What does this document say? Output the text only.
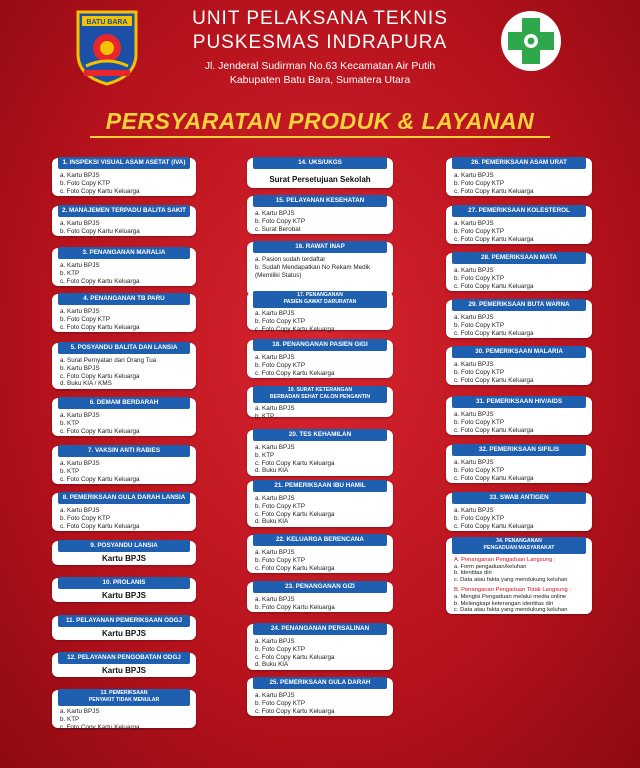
BATU BARA	UNIT PELAKSANA TEKNIS
PUSKESMAS INDRAPURA
Jl. Jenderal Sudirman No.63 Kecamatan Air Putih
Kabupaten Batu Bara, Sumatera Utara
PERSYARATAN PRODUK & LAYANAN
1. INSPEKSI VISUAL ASAM ASETAT (IVA)
a. Kartu BPJS
b. Foto Copy KTP
c. Foto Copy Kartu Keluarga
2. MANAJEMEN TERPADU BALITA SAKIT
a. Kartu BPJS
b. Foto Copy Kartu Keluarga
3. PENANGANAN MARALIA
a. Kartu BPJS
b. KTP
c. Foto Copy Kartu Keluarga
4. PENANGANAN TB PARU
a. Kartu BPJS
b. Foto Copy KTP
c. Foto Copy Kartu Keluarga
5. POSYANDU BALITA DAN LANSIA
a. Surat Pernyatan dari Orang Tua
b. Kartu BPJS
c. Foto Copy Kartu Keluarga
d. Buku KIA / KMS
6. DEMAM BERDARAH
a. Kartu BPJS
b. KTP
c. Foto Copy Kartu Keluarga
7. VAKSIN ANTI RABIES
a. Kartu BPJS
b. KTP
c. Foto Copy Kartu Keluarga
8. PEMERIKSAAN GULA DARAH LANSIA
a. Kartu BPJS
b. Foto Copy KTP
c. Foto Copy Kartu Keluarga
9. POSYANDU LANSIA
Kartu BPJS
10. PROLANIS
Kartu BPJS
11. PELAYANAN PEMERIKSAAN ODGJ
Kartu BPJS
12. PELAYANAN PENGOBATAN ODGJ
Kartu BPJS
13. PEMERIKSAAN
PENYAKIT TIDAK MENULAR
a. Kartu BPJS
b. KTP
c. Foto Copy Kartu Keluarga
14. UKS/UKGS
Surat Persetujuan Sekolah
15. PELAYANAN KESEHATAN
a. Kartu BPJS
b. Foto Copy KTP
c. Surat Berobat
16. RAWAT INAP
a. Pasion sudah terdaftar
b. Sudah Mendapatkan No Rekam Medik
(Memiliki Status)
17. PENANGANAN
PASIEN GAWAT DARURATAN
a. Kartu BPJS
b. Foto Copy KTP
c. Foto Copy Kartu Keluarga
18. PENANGANAN PASIEN GIGI
a. Kartu BPJS
b. Foto Copy KTP
c. Foto Copy Kartu Keluarga
19. SURAT KETERANGAN
BERBADAN SEHAT CALON PENGANTIN
a. Kartu BPJS
b. KTP
20. TES KEHAMILAN
a. Kartu BPJS
b. KTP
c. Foto Copy Kartu Keluarga
d. Buku KIA
21. PEMERIKSAAN IBU HAMIL
a. Kartu BPJS
b. Foto Copy KTP
c. Foto Copy Kartu Keluarga
d. Buku KIA
22. KELUARGA BERENCANA
a. Kartu BPJS
b. Foto Copy KTP
c. Foto Copy Kartu Keluarga
23. PENANGANAN GIZI
a. Kartu BPJS
b. Foto Copy Kartu Keluarga
24. PENANGANAN PERSALINAN
a. Kartu BPJS
b. Foto Copy KTP
c. Foto Copy Kartu Keluarga
d. Buku KIA
25. PEMERIKSAAN GULA DARAH
a. Kartu BPJS
b. Foto Copy KTP
c. Foto Copy Kartu Keluarga
26. PEMERIKSAAN ASAM URAT
a. Kartu BPJS
b. Foto Copy KTP
c. Foto Copy Kartu Keluarga
27. PEMERIKSAAN KOLESTEROL
a. Kartu BPJS
b. Foto Copy KTP
c. Foto Copy Kartu Keluarga
28. PEMERIKSAAN MATA
a. Kartu BPJS
b. Foto Copy KTP
c. Foto Copy Kartu Keluarga
29. PEMERIKSAAN BUTA WARNA
a. Kartu BPJS
b. Foto Copy KTP
c. Foto Copy Kartu Keluarga
30. PEMERIKSAAN MALARIA
a. Kartu BPJS
b. Foto Copy KTP
c. Foto Copy Kartu Keluarga
31. PEMERIKSAAN HIV/AIDS
a. Kartu BPJS
b. Foto Copy KTP
c. Foto Copy Kartu Keluarga
32. PEMERIKSAAN SIFILIS
a. Kartu BPJS
b. Foto Copy KTP
c. Foto Copy Kartu Keluarga
33. SWAB ANTIGEN
a. Kartu BPJS
b. Foto Copy KTP
c. Foto Copy Kartu Keluarga
34. PENANGANAN
PENGADUAN MASYARAKAT
A. Penanganan Pengaduan Langsung :
a. Form pengaduan/keluhan
b. Identitas diri
c. Data atau fakta yang mendukung keluhan
B. Penanganan Pengaduan Tidak Langsung :
a. Mengisi Pengaduan melalui media online
b. Melengkapi keterangan identitas diri
c. Data atau fakta yang mendukung keluhan
